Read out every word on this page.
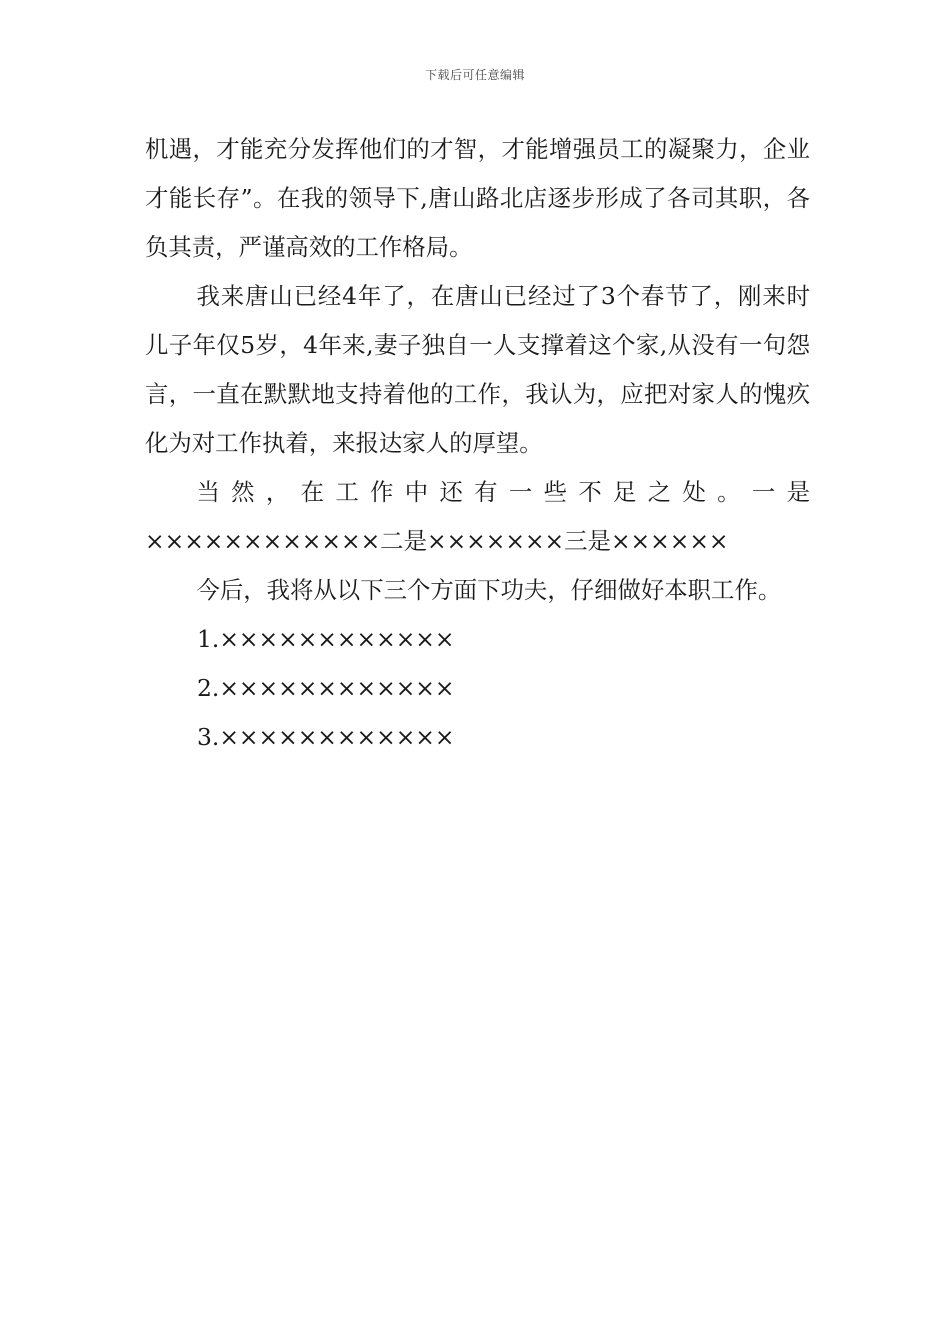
下载后可任意编辑

机遇，才能充分发挥他们的才智，才能增强员工的凝聚力，企业才能长存”。在我的领导下,唐山路北店逐步形成了各司其职，各负其责，严谨高效的工作格局。

我来唐山已经4年了，在唐山已经过了3个春节了，刚来时儿子年仅5岁，4年来,妻子独自一人支撑着这个家,从没有一句怨言，一直在默默地支持着他的工作，我认为，应把对家人的愧疚化为对工作执着，来报达家人的厚望。

当然，在工作中还有一些不足之处。一是××××××××××××二是×××××××三是××××××

今后，我将从以下三个方面下功夫，仔细做好本职工作。

1.××××××××××××

2.××××××××××××

3.××××××××××××
